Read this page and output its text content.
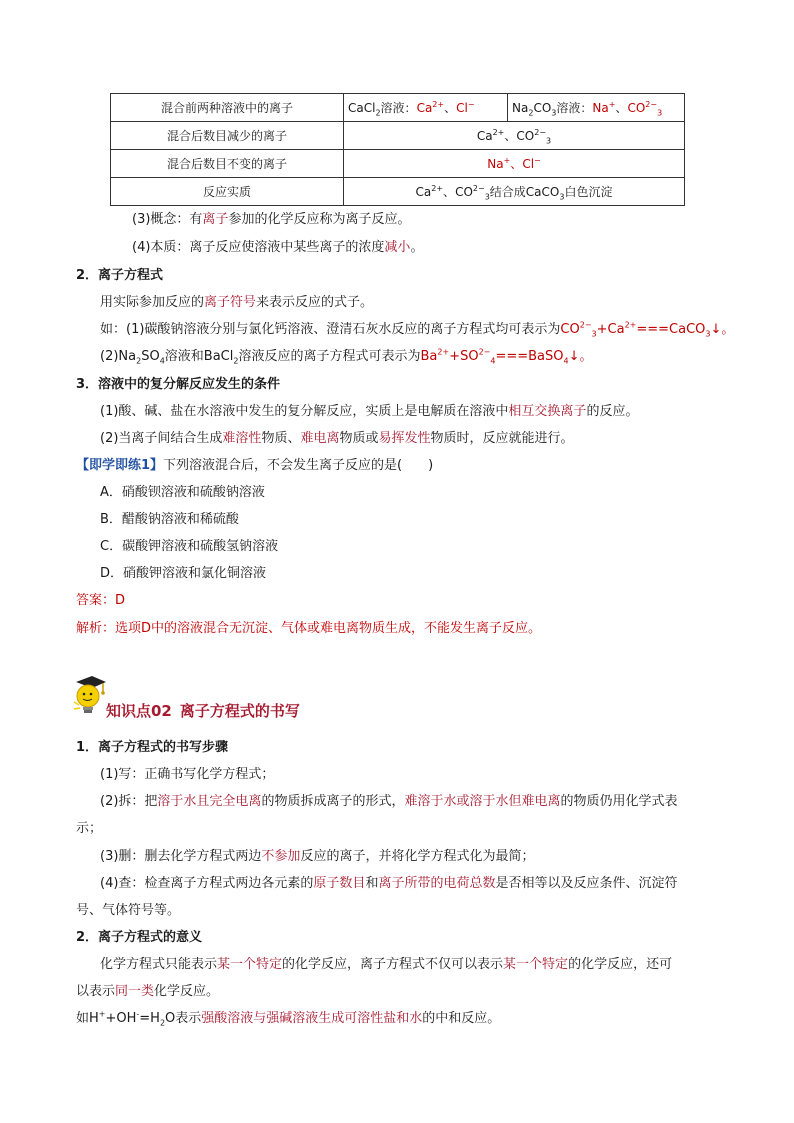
混合前两种溶液中的离子	CaCl$_2$溶液：$Ca^{2+}$、Cl−	$Na_2CO_3$溶液：Na+、$CO^{2-}_3$
混合后数目减少的离子	$Ca^{2+}$、$CO^{2-}_3$
混合后数目不变的离子	Na+、Cl−
反应实质	$Ca^{2+}$、$CO^{2-}_3$结合成CaCO$_3$白色沉淀	
(3)概念：有离子参加的化学反应称为离子反应。
(4)本质：离子反应使溶液中某些离子的浓度减小。
2．离子方程式
用实际参加反应的离子符号来表示反应的式子。
如：(1)碳酸钠溶液分别与氯化钙溶液、澄清石灰水反应的离子方程式均可表示为$CO^{2-}_3+Ca^{2+}===CaCO_3↓$。
$(2)Na_2SO_4$溶液和BaCl$_2$溶液反应的离子方程式可表示为$Ba^{2+}+SO^{2-}_4===BaSO_4↓$。
3．溶液中的复分解反应发生的条件
(1)酸、碱、盐在水溶液中发生的复分解反应，实质上是电解质在溶液中相互交换离子的反应。
(2)当离子间结合生成难溶性物质、难电离物质或易挥发性物质时，反应就能进行。
【即学即练1】下列溶液混合后，不会发生离子反应的是(　　)
A．硝酸钡溶液和硫酸钠溶液
B．醋酸钠溶液和稀硫酸
C．碳酸钾溶液和硫酸氢钠溶液
D．硝酸钾溶液和氯化铜溶液
答案：D
解析：选项D中的溶液混合无沉淀、气体或难电离物质生成，不能发生离子反应。
知识点02 离子方程式的书写
1．离子方程式的书写步骤
(1)写：正确书写化学方程式；
(2)拆：把溶于水且完全电离的物质拆成离子的形式，难溶于水或溶于水但难电离的物质仍用化学式表
示；
(3)删：删去化学方程式两边不参加反应的离子，并将化学方程式化为最简；
(4)查：检查离子方程式两边各元素的原子数目和离子所带的电荷总数是否相等以及反应条件、沉淀符
号、气体符号等。
2．离子方程式的意义
化学方程式只能表示某一个特定的化学反应，离子方程式不仅可以表示某一个特定的化学反应，还可
以表示同一类化学反应。
如$H^++OH^-=H_2O$表示强酸溶液与强碱溶液生成可溶性盐和水的中和反应。
